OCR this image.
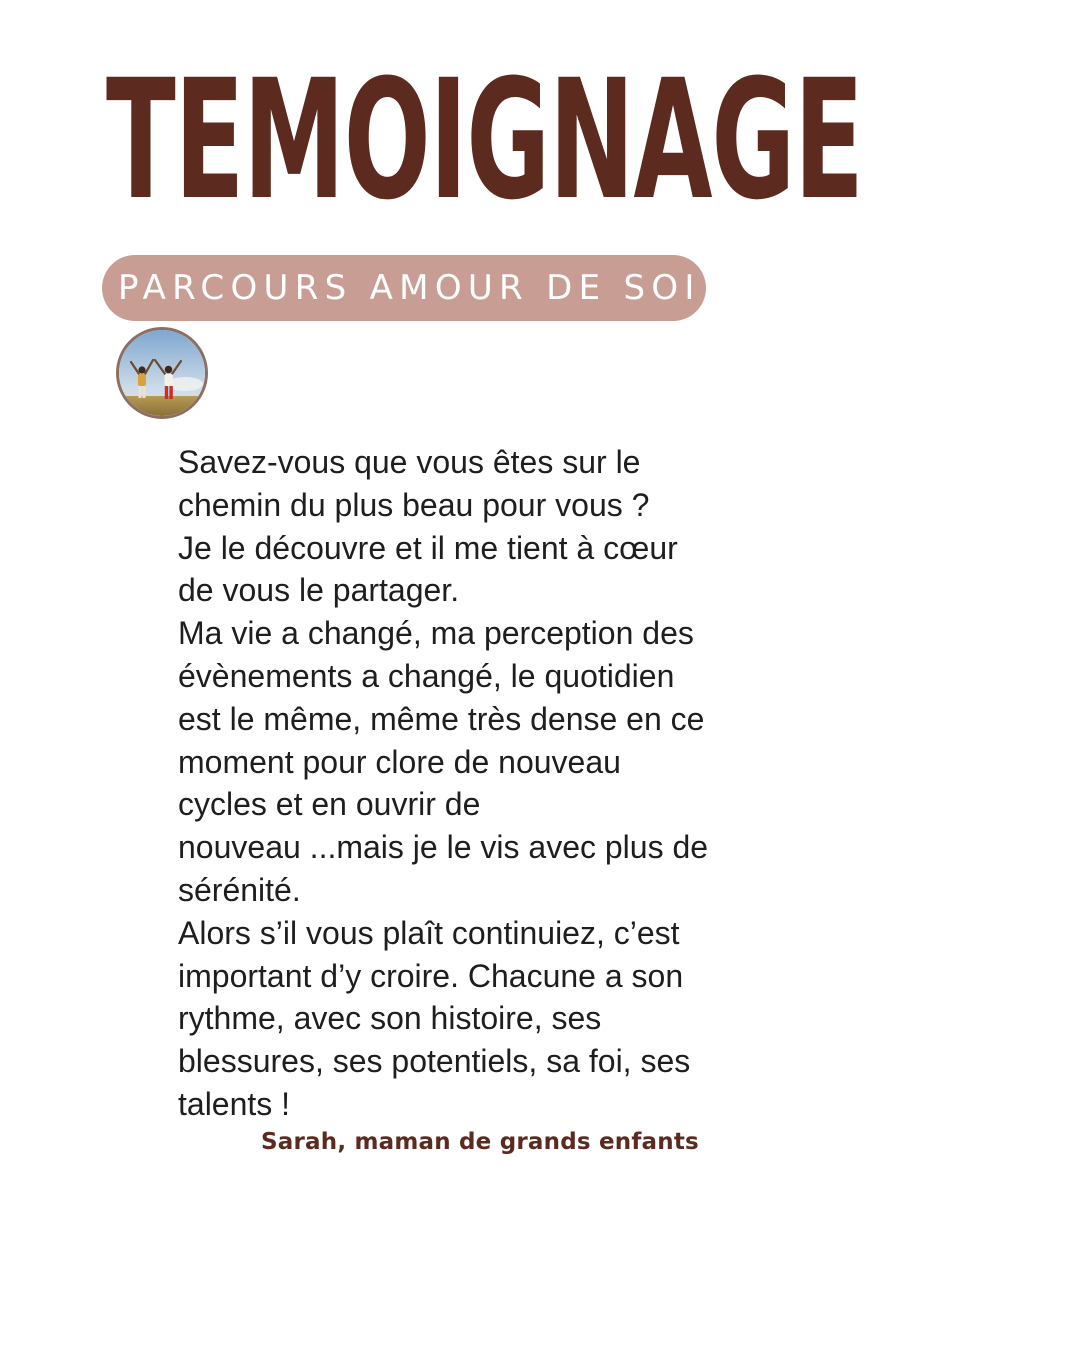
TEMOIGNAGE
PARCOURS AMOUR DE SOI

Savez-vous que vous êtes sur le
chemin du plus beau pour vous ?
Je le découvre et il me tient à cœur
de vous le partager.
Ma vie a changé, ma perception des
évènements a changé, le quotidien
est le même, même très dense en ce
moment pour clore de nouveau
cycles et en ouvrir de
nouveau ...mais je le vis avec plus de
sérénité.
Alors s’il vous plaît continuiez, c’est
important d’y croire. Chacune a son
rythme, avec son histoire, ses
blessures, ses potentiels, sa foi, ses
talents !

Sarah, maman de grands enfants
